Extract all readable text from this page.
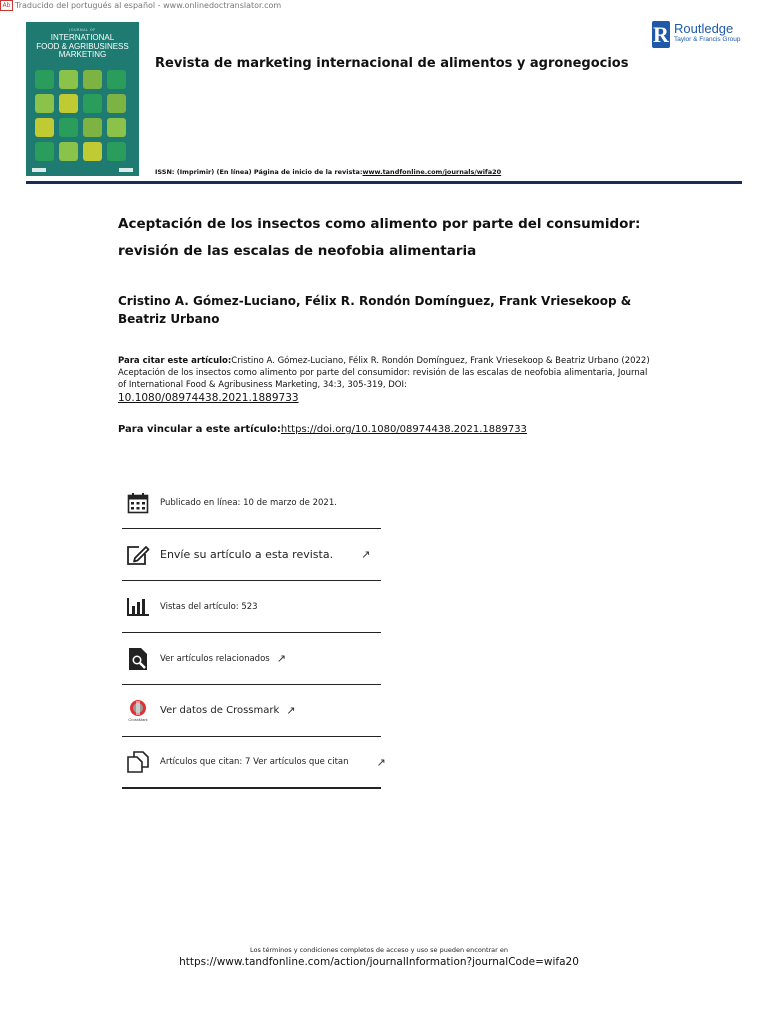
Ab Traducido del portugués al español - www.onlinedoctranslator.com
JOURNAL OF
INTERNATIONAL
FOOD & AGRIBUSINESS
MARKETING
Revista de marketing internacional de alimentos y agronegocios
R Routledge
Taylor & Francis Group
ISSN: (Imprimir) (En línea) Página de inicio de la revista:www.tandfonline.com/journals/wifa20
Aceptación de los insectos como alimento por parte del consumidor: revisión de las escalas de neofobia alimentaria
Cristino A. Gómez-Luciano, Félix R. Rondón Domínguez, Frank Vriesekoop & Beatriz Urbano
Para citar este artículo:Cristino A. Gómez-Luciano, Félix R. Rondón Domínguez, Frank Vriesekoop & Beatriz Urbano (2022) Aceptación de los insectos como alimento por parte del consumidor: revisión de las escalas de neofobia alimentaria, Journal of International Food & Agribusiness Marketing, 34:3, 305-319, DOI:
10.1080/08974438.2021.1889733
Para vincular a este artículo:https://doi.org/10.1080/08974438.2021.1889733
Publicado en línea: 10 de marzo de 2021.
Envíe su artículo a esta revista.	↗
Vistas del artículo: 523
Ver artículos relacionados ↗
CrossMark
Ver datos de Crossmark ↗
Artículos que citan: 7 Ver artículos que citan	↗
Los términos y condiciones completos de acceso y uso se pueden encontrar en
https://www.tandfonline.com/action/journalInformation?journalCode=wifa20
